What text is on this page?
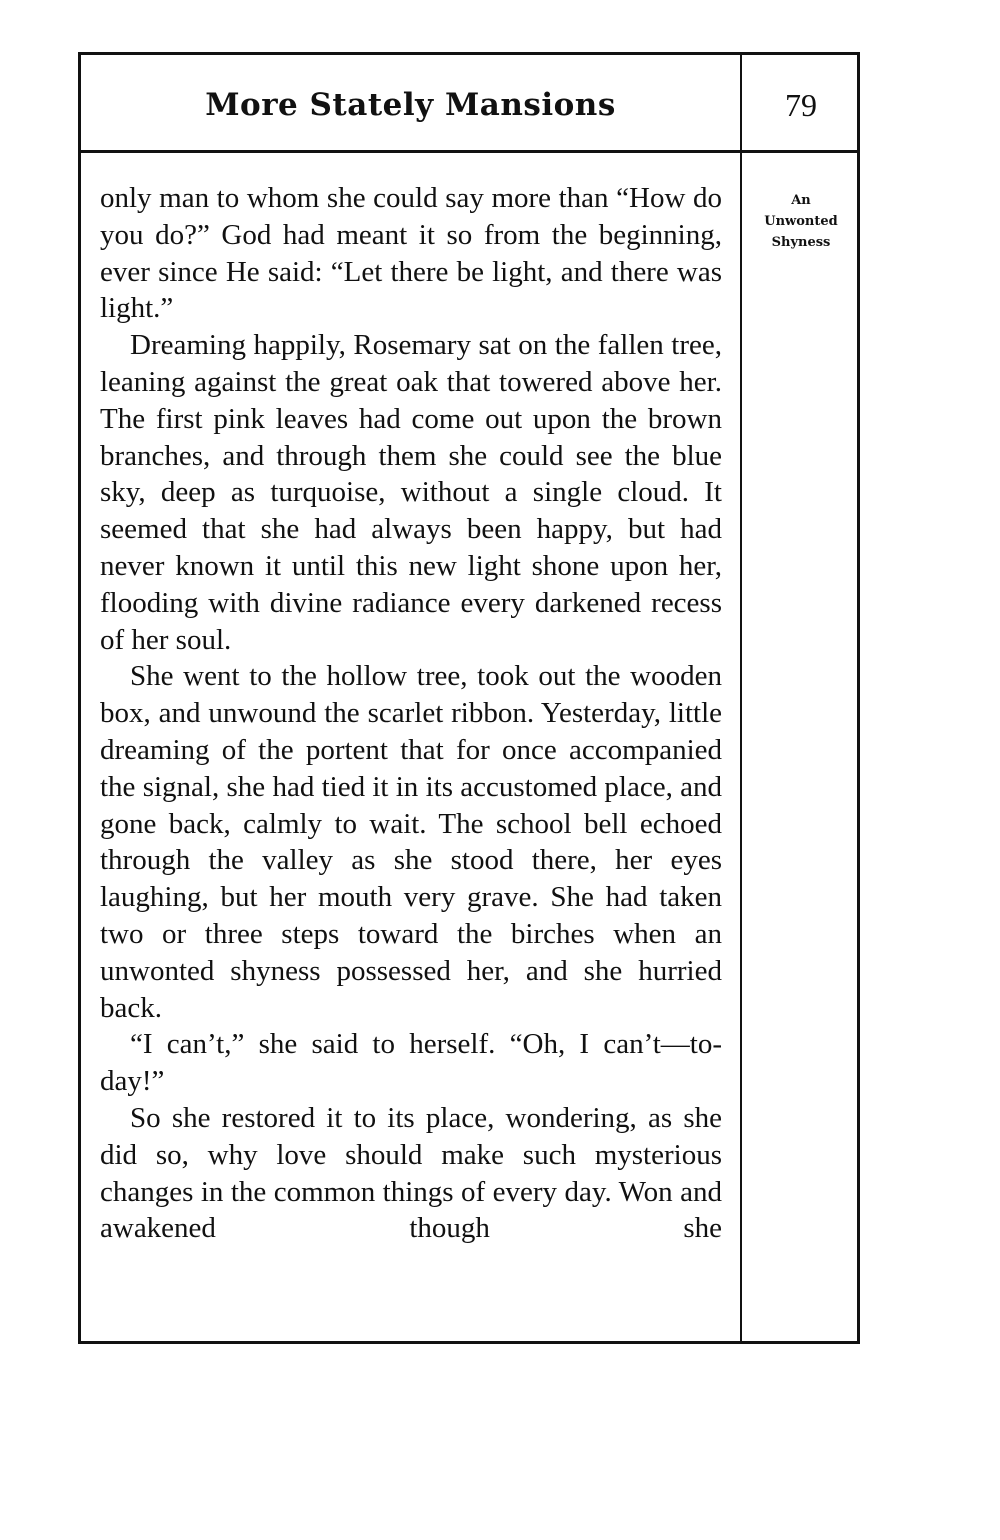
More Stately Mansions	79
An
Unwonted
Shyness

only man to whom she could say more than “How do you do?” God had meant it so from the beginning, ever since He said: “Let there be light, and there was light.”

Dreaming happily, Rosemary sat on the fallen tree, leaning against the great oak that towered above her. The first pink leaves had come out upon the brown branches, and through them she could see the blue sky, deep as turquoise, without a single cloud. It seemed that she had always been happy, but had never known it until this new light shone upon her, flooding with divine radiance every darkened recess of her soul.

She went to the hollow tree, took out the wooden box, and unwound the scarlet ribbon. Yesterday, little dreaming of the portent that for once accompanied the signal, she had tied it in its accustomed place, and gone back, calmly to wait. The school bell echoed through the valley as she stood there, her eyes laughing, but her mouth very grave. She had taken two or three steps toward the birches when an unwonted shyness possessed her, and she hurried back.

“I can’t,” she said to herself. “Oh, I can’t—to-day!”

So she restored it to its place, wondering, as she did so, why love should make such mysterious changes in the common things of every day. Won and awakened though she
